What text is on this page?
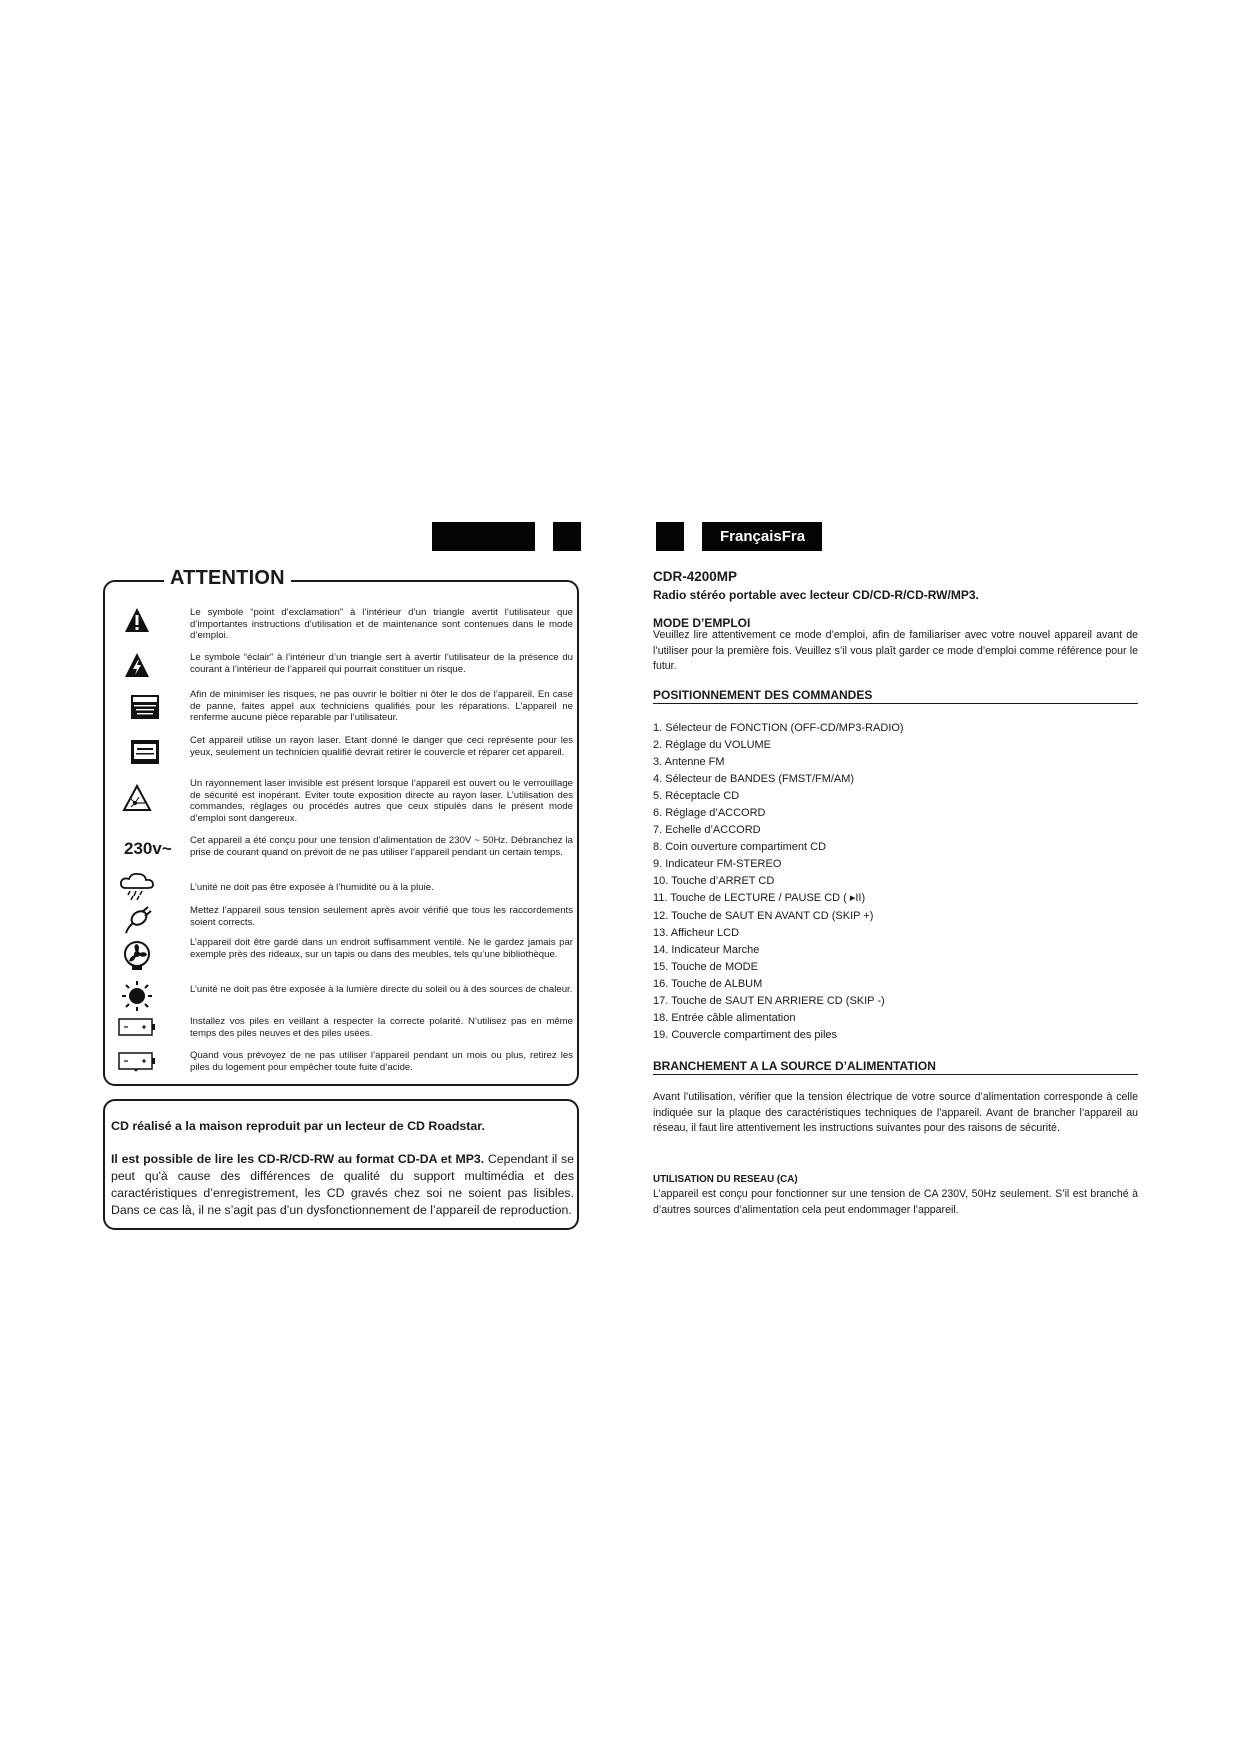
FrançaisFra
ATTENTION
Le symbole “point d’exclamation” à l’intérieur d’un triangle avertit l’utilisateur que d’importantes instructions d’utilisation et de maintenance sont contenues dans le mode d’emploi.
Le symbole “éclair” à l’intérieur d’un triangle sert à avertir l’utilisateur de la présence du courant à l’intérieur de l’appareil qui pourrait constituer un risque.
Afin de minimiser les risques, ne pas ouvrir le boîtier ni ôter le dos de l’appareil. En case de panne, faites appel aux techniciens qualifiés pour les réparations. L’appareil ne renferme aucune pièce reparable par l’utilisateur.
Cet appareil utilise un rayon laser. Etant donné le danger que ceci représente pour les yeux, seulement un technicien qualifié devrait retirer le couvercle et réparer cet appareil.
Un rayonnement laser invisible est présent lorsque l’appareil est ouvert ou le verrouillage de sécurité est inopérant. Eviter toute exposition directe au rayon laser. L’utilisation des commandes, réglages ou procédés autres que ceux stipulés dans le présent mode d’emploi sont dangereux.
230v~ Cet appareil a été conçu pour une tension d’alimentation de 230V ~ 50Hz. Débranchez la prise de courant quand on prévoit de ne pas utiliser l’appareil pendant un certain temps.
L’unité ne doit pas être exposée à l’humidité ou à la pluie.
Mettez l’appareil sous tension seulement après avoir vérifié que tous les raccordements soient corrects.
L’appareil doit être gardé dans un endroit suffisamment ventilé. Ne le gardez jamais par exemple près des rideaux, sur un tapis ou dans des meubles, tels qu’une bibliothèque.
L’unité ne doit pas être exposée à la lumière directe du soleil ou à des sources de chaleur.
Installez vos piles en veillant à respecter la correcte polarité. N’utilisez pas en même temps des piles neuves et des piles usées.
Quand vous prévoyez de ne pas utiliser l’appareil pendant un mois ou plus, retirez les piles du logement pour empêcher toute fuite d’acide.
CD réalisé a la maison reproduit par un lecteur de CD Roadstar.
Il est possible de lire les CD-R/CD-RW au format CD-DA et MP3. Cependant il se peut qu'à cause des différences de qualité du support multimédia et des caractéristiques d’enregistrement, les CD gravés chez soi ne soient pas lisibles. Dans ce cas là, il ne s’agit pas d’un dysfonctionnement de l’appareil de reproduction.
CDR-4200MP
Radio stéréo portable avec lecteur CD/CD-R/CD-RW/MP3.
MODE D’EMPLOI
Veuillez lire attentivement ce mode d’emploi, afin de familiariser avec votre nouvel appareil avant de l’utiliser pour la première fois. Veuillez s’il vous plaît garder ce mode d’emploi comme référence pour le futur.
POSITIONNEMENT DES COMMANDES
1. Sélecteur de FONCTION (OFF-CD/MP3-RADIO)
2. Réglage du VOLUME
3. Antenne FM
4. Sélecteur de BANDES (FMST/FM/AM)
5. Réceptacle CD
6. Réglage d’ACCORD
7. Echelle d’ACCORD
8. Coin ouverture compartiment CD
9. Indicateur FM-STEREO
10. Touche d’ARRET CD
11. Touche de LECTURE / PAUSE CD ( ▸II)
12. Touche de SAUT EN AVANT CD (SKIP +)
13. Afficheur LCD
14. Indicateur Marche
15. Touche de MODE
16. Touche de ALBUM
17. Touche de SAUT EN ARRIERE CD (SKIP -)
18. Entrée câble alimentation
19. Couvercle compartiment des piles
BRANCHEMENT A LA SOURCE D’ALIMENTATION
Avant l’utilisation, vérifier que la tension électrique de votre source d’alimentation corresponde à celle indiquée sur la plaque des caractéristiques techniques de l’appareil. Avant de brancher l’appareil au réseau, il faut lire attentivement les instructions suivantes pour des raisons de sécurité.
UTILISATION DU RESEAU (CA)
L’appareil est conçu pour fonctionner sur une tension de CA 230V, 50Hz seulement. S’il est branché à d’autres sources d’alimentation cela peut endommager l’appareil.
